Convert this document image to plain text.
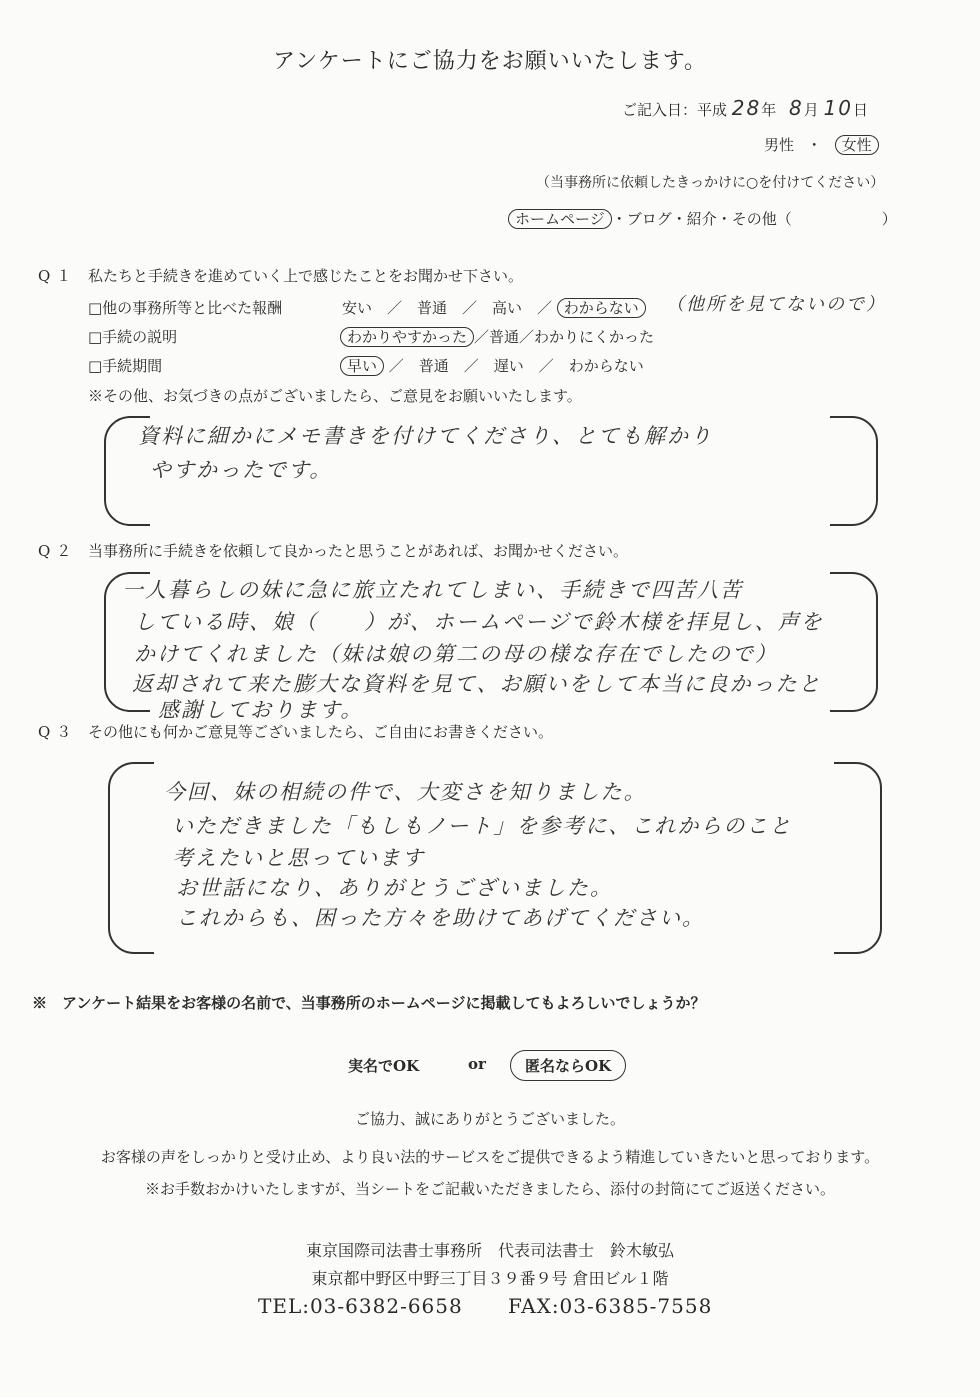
アンケートにご協力をお願いいたします。
ご記入日：平成 28年 8月 10日
男性 ・ 女性
（当事務所に依頼したきっかけに○を付けてください）
ホームページ ・ブログ・紹介・その他（　　　　　　）
Q１ 私たちと手続きを進めていく上で感じたことをお聞かせ下さい。
□他の事務所等と比べた報酬	安い　／　普通　／　高い　／ わからない	（他所を見てないので）
□手続の説明	わかりやすかった ／普通／わかりにくかった
□手続期間	早い ／　普通　／　遅い　／　わからない
※その他、お気づきの点がございましたら、ご意見をお願いいたします。
資料に細かにメモ書きを付けてくださり、とても解かり
やすかったです。
Q２ 当事務所に手続きを依頼して良かったと思うことがあれば、お聞かせください。
一人暮らしの妹に急に旅立たれてしまい、手続きで四苦八苦
している時、娘（　　）が、ホームページで鈴木様を拝見し、声を
かけてくれました（妹は娘の第二の母の様な存在でしたので）
返却されて来た膨大な資料を見て、お願いをして本当に良かったと
感謝しております。
Q３ その他にも何かご意見等ございましたら、ご自由にお書きください。
今回、妹の相続の件で、大変さを知りました。
いただきました「もしもノート」を参考に、これからのこと
考えたいと思っています
お世話になり、ありがとうございました。
これからも、困った方々を助けてあげてください。
※　アンケート結果をお客様の名前で、当事務所のホームページに掲載してもよろしいでしょうか？
実名でOK	or	匿名ならOK
ご協力、誠にありがとうございました。
お客様の声をしっかりと受け止め、より良い法的サービスをご提供できるよう精進していきたいと思っております。
※お手数おかけいたしますが、当シートをご記載いただきましたら、添付の封筒にてご返送ください。
東京国際司法書士事務所　代表司法書士　鈴木敏弘
東京都中野区中野三丁目３９番９号 倉田ビル１階
TEL:03-6382-6658 FAX:03-6385-7558
